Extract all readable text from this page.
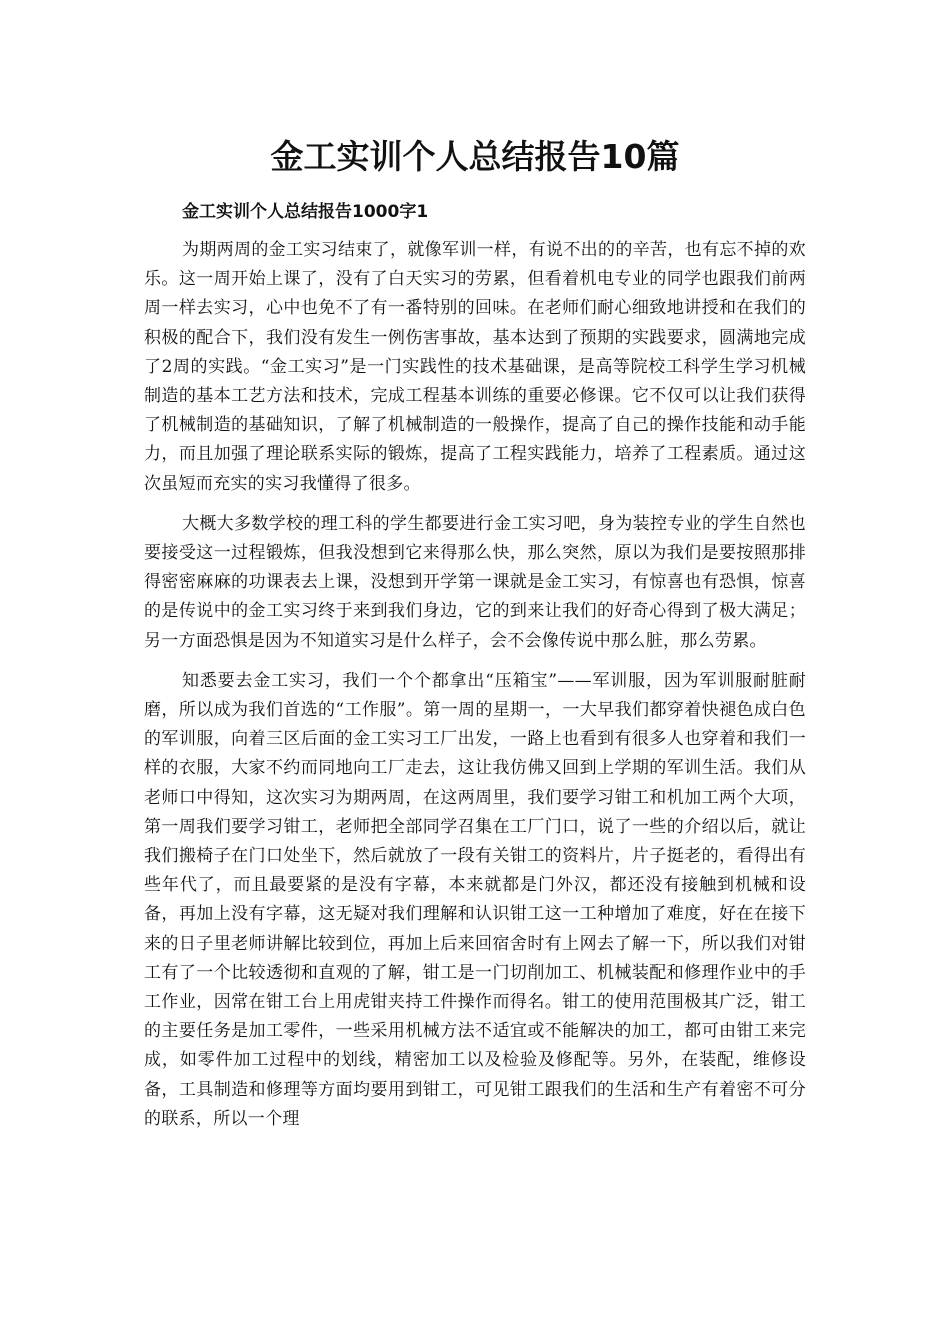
金工实训个人总结报告10篇
金工实训个人总结报告1000字1

为期两周的金工实习结束了，就像军训一样，有说不出的的辛苦，也有忘不掉的欢乐。这一周开始上课了，没有了白天实习的劳累，但看着机电专业的同学也跟我们前两周一样去实习，心中也免不了有一番特别的回味。在老师们耐心细致地讲授和在我们的积极的配合下，我们没有发生一例伤害事故，基本达到了预期的实践要求，圆满地完成了2周的实践。“金工实习”是一门实践性的技术基础课，是高等院校工科学生学习机械制造的基本工艺方法和技术，完成工程基本训练的重要必修课。它不仅可以让我们获得了机械制造的基础知识，了解了机械制造的一般操作，提高了自己的操作技能和动手能力，而且加强了理论联系实际的锻炼，提高了工程实践能力，培养了工程素质。通过这次虽短而充实的实习我懂得了很多。

大概大多数学校的理工科的学生都要进行金工实习吧，身为装控专业的学生自然也要接受这一过程锻炼，但我没想到它来得那么快，那么突然，原以为我们是要按照那排得密密麻麻的功课表去上课，没想到开学第一课就是金工实习，有惊喜也有恐惧，惊喜的是传说中的金工实习终于来到我们身边，它的到来让我们的好奇心得到了极大满足；另一方面恐惧是因为不知道实习是什么样子，会不会像传说中那么脏，那么劳累。

知悉要去金工实习，我们一个个都拿出“压箱宝”——军训服，因为军训服耐脏耐磨，所以成为我们首选的“工作服”。第一周的星期一，一大早我们都穿着快褪色成白色的军训服，向着三区后面的金工实习工厂出发，一路上也看到有很多人也穿着和我们一样的衣服，大家不约而同地向工厂走去，这让我仿佛又回到上学期的军训生活。我们从老师口中得知，这次实习为期两周，在这两周里，我们要学习钳工和机加工两个大项，第一周我们要学习钳工，老师把全部同学召集在工厂门口，说了一些的介绍以后，就让我们搬椅子在门口处坐下，然后就放了一段有关钳工的资料片，片子挺老的，看得出有些年代了，而且最要紧的是没有字幕，本来就都是门外汉，都还没有接触到机械和设备，再加上没有字幕，这无疑对我们理解和认识钳工这一工种增加了难度，好在在接下来的日子里老师讲解比较到位，再加上后来回宿舍时有上网去了解一下，所以我们对钳工有了一个比较透彻和直观的了解，钳工是一门切削加工、机械装配和修理作业中的手工作业，因常在钳工台上用虎钳夹持工件操作而得名。钳工的使用范围极其广泛，钳工的主要任务是加工零件，一些采用机械方法不适宜或不能解决的加工，都可由钳工来完成，如零件加工过程中的划线，精密加工以及检验及修配等。另外，在装配，维修设备，工具制造和修理等方面均要用到钳工，可见钳工跟我们的生活和生产有着密不可分的联系，所以一个理
